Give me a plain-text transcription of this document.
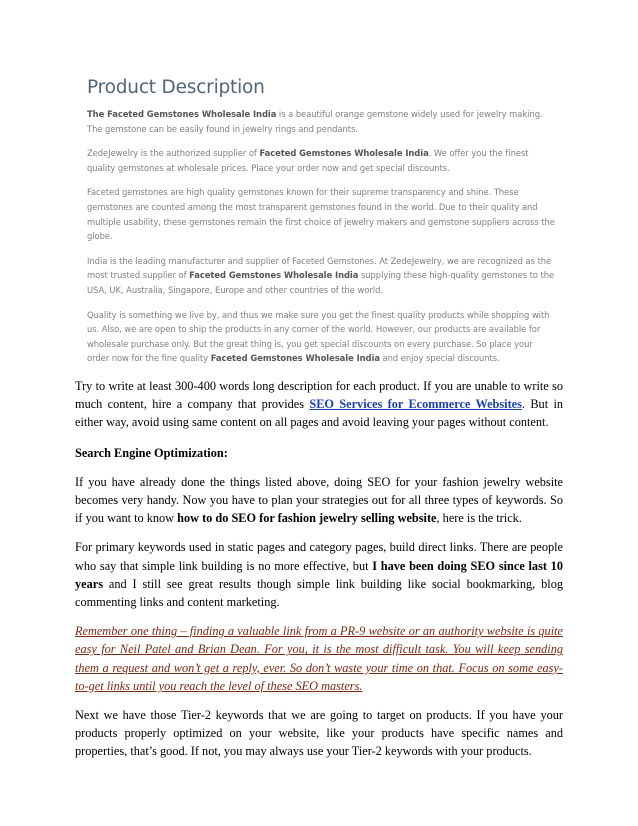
Product Description

The Faceted Gemstones Wholesale India is a beautiful orange gemstone widely used for jewelry making. The gemstone can be easily found in jewelry rings and pendants.

ZedeJewelry is the authorized supplier of Faceted Gemstones Wholesale India. We offer you the finest quality gemstones at wholesale prices. Place your order now and get special discounts.

Faceted gemstones are high quality gemstones known for their supreme transparency and shine. These gemstones are counted among the most transparent gemstones found in the world. Due to their quality and multiple usability, these gemstones remain the first choice of jewelry makers and gemstone suppliers across the globe.

India is the leading manufacturer and supplier of Faceted Gemstones. At ZedeJewelry, we are recognized as the most trusted supplier of Faceted Gemstones Wholesale India supplying these high-quality gemstones to the USA, UK, Australia, Singapore, Europe and other countries of the world.

Quality is something we live by, and thus we make sure you get the finest quality products while shopping with us. Also, we are open to ship the products in any corner of the world. However, our products are available for wholesale purchase only. But the great thing is, you get special discounts on every purchase. So place your order now for the fine quality Faceted Gemstones Wholesale India and enjoy special discounts.

Try to write at least 300-400 words long description for each product. If you are unable to write so much content, hire a company that provides SEO Services for Ecommerce Websites. But in either way, avoid using same content on all pages and avoid leaving your pages without content.

Search Engine Optimization:

If you have already done the things listed above, doing SEO for your fashion jewelry website becomes very handy. Now you have to plan your strategies out for all three types of keywords. So if you want to know how to do SEO for fashion jewelry selling website, here is the trick.

For primary keywords used in static pages and category pages, build direct links. There are people who say that simple link building is no more effective, but I have been doing SEO since last 10 years and I still see great results though simple link building like social bookmarking, blog commenting links and content marketing.

Remember one thing – finding a valuable link from a PR-9 website or an authority website is quite easy for Neil Patel and Brian Dean. For you, it is the most difficult task. You will keep sending them a request and won’t get a reply, ever. So don’t waste your time on that. Focus on some easy-to-get links until you reach the level of these SEO masters.

Next we have those Tier-2 keywords that we are going to target on products. If you have your products properly optimized on your website, like your products have specific names and properties, that’s good. If not, you may always use your Tier-2 keywords with your products.
